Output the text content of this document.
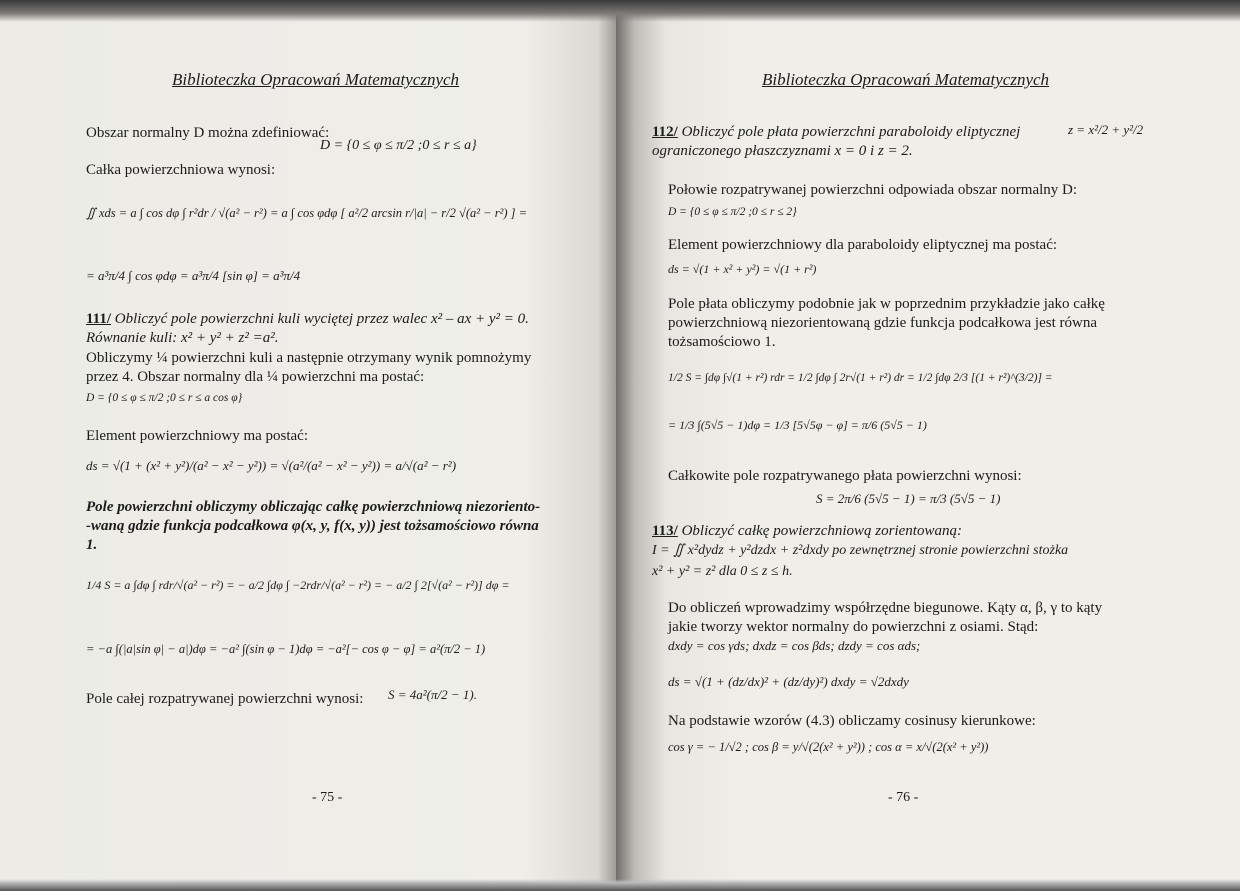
Biblioteczka Opracowań Matematycznych
Obszar normalny D można zdefiniować:
D = {0 ≤ φ ≤ π/2 ;0 ≤ r ≤ a}
Całka powierzchniowa wynosi:
∬ xds = a ∫ cos dφ ∫ r²dr / √(a² − r²) = a ∫ cos φdφ [ a²/2 arcsin r/|a| − r/2 √(a² − r²) ] =
= a³π/4 ∫ cos φdφ = a³π/4 [sin φ] = a³π/4
111/ Obliczyć pole powierzchni kuli wyciętej przez walec x² – ax + y² = 0.
Równanie kuli: x² + y² + z² =a².
Obliczymy ¼ powierzchni kuli a następnie otrzymany wynik pomnożymy
przez 4. Obszar normalny dla ¼ powierzchni ma postać:
D = {0 ≤ φ ≤ π/2 ;0 ≤ r ≤ a cos φ}
Element powierzchniowy ma postać:
ds = √(1 + (x² + y²)/(a² − x² − y²)) = √(a²/(a² − x² − y²)) = a/√(a² − r²)
Pole powierzchni obliczymy obliczając całkę powierzchniową niezoriento-
-waną gdzie funkcja podcałkowa φ(x, y, f(x, y)) jest tożsamościowo równa
1.
1/4 S = a ∫dφ ∫ rdr/√(a² − r²) = − a/2 ∫dφ ∫ −2rdr/√(a² − r²) = − a/2 ∫ 2[√(a² − r²)] dφ =
= −a ∫(|a|sin φ| − a|)dφ = −a² ∫(sin φ − 1)dφ = −a²[− cos φ − φ] = a²(π/2 − 1)
Pole całej rozpatrywanej powierzchni wynosi: S = 4a²(π/2 − 1).
- 75 -
Biblioteczka Opracowań Matematycznych
112/ Obliczyć pole płata powierzchni paraboloidy eliptycznej	z = x²/2 + y²/2
ograniczonego płaszczyznami x = 0 i z = 2.
Połowie rozpatrywanej powierzchni odpowiada obszar normalny D:
D = {0 ≤ φ ≤ π/2 ;0 ≤ r ≤ 2}
Element powierzchniowy dla paraboloidy eliptycznej ma postać:
ds = √(1 + x² + y²) = √(1 + r²)
Pole płata obliczymy podobnie jak w poprzednim przykładzie jako całkę
powierzchniową niezorientowaną gdzie funkcja podcałkowa jest równa
tożsamościowo 1.
1/2 S = ∫dφ ∫√(1 + r²) rdr = 1/2 ∫dφ ∫ 2r√(1 + r²) dr = 1/2 ∫dφ 2/3 [(1 + r²)^(3/2)] =
= 1/3 ∫(5√5 − 1)dφ = 1/3 [5√5φ − φ] = π/6 (5√5 − 1)
Całkowite pole rozpatrywanego płata powierzchni wynosi:
S = 2π/6 (5√5 − 1) = π/3 (5√5 − 1)
113/ Obliczyć całkę powierzchniową zorientowaną:
I = ∬ x²dydz + y²dzdx + z²dxdy po zewnętrznej stronie powierzchni stożka
x² + y² = z² dla 0 ≤ z ≤ h.
Do obliczeń wprowadzimy współrzędne biegunowe. Kąty α, β, γ to kąty
jakie tworzy wektor normalny do powierzchni z osiami. Stąd:
dxdy = cos γds; dxdz = cos βds; dzdy = cos αds;
ds = √(1 + (dz/dx)² + (dz/dy)²) dxdy = √2dxdy
Na podstawie wzorów (4.3) obliczamy cosinusy kierunkowe:
cos γ = − 1/√2 ; cos β = y/√(2(x² + y²)) ; cos α = x/√(2(x² + y²))
- 76 -
